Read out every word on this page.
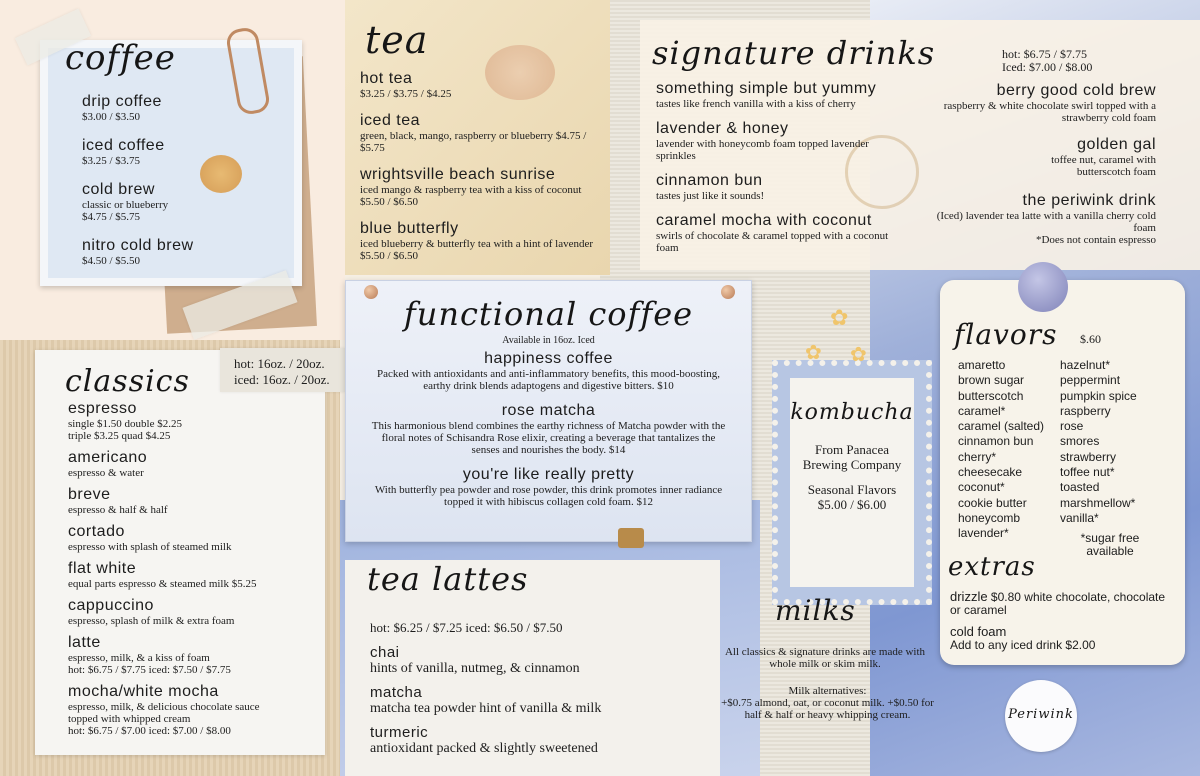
coffee
drip coffee
$3.00 / $3.50
iced coffee
$3.25 / $3.75
cold brew
classic or blueberry
$4.75 / $5.75
nitro cold brew
$4.50 / $5.50
tea
hot tea
$3.25 / $3.75 / $4.25
iced tea
green, black, mango, raspberry or blueberry $4.75 / $5.75
wrightsville beach sunrise
iced mango & raspberry tea with a kiss of coconut $5.50 / $6.50
blue butterfly
iced blueberry & butterfly tea with a hint of lavender $5.50 / $6.50
signature drinks	hot: $6.75 / $7.75
Iced: $7.00 / $8.00
something simple but yummy
tastes like french vanilla with a kiss of cherry
lavender & honey
lavender with honeycomb foam topped lavender sprinkles
cinnamon bun
tastes just like it sounds!
caramel mocha with coconut
swirls of chocolate & caramel topped with a coconut foam
berry good cold brew
raspberry & white chocolate swirl topped with a strawberry cold foam
golden gal
toffee nut, caramel with butterscotch foam
the periwink drink
(Iced) lavender tea latte with a vanilla cherry cold foam
*Does not contain espresso
classics
espresso
single $1.50 double $2.25
triple $3.25 quad $4.25
americano
espresso & water
breve
espresso & half & half
cortado
espresso with splash of steamed milk
flat white
equal parts espresso & steamed milk $5.25
cappuccino
espresso, splash of milk & extra foam
latte
espresso, milk, & a kiss of foam
hot: $6.75 / $7.75 iced: $7.50 / $7.75
mocha/white mocha
espresso, milk, & delicious chocolate sauce topped with whipped cream
hot: $6.75 / $7.00 iced: $7.00 / $8.00
hot: 16oz. / 20oz.
iced: 16oz. / 20oz.
functional coffee
Available in 16oz. Iced
happiness coffee
Packed with antioxidants and anti-inflammatory benefits, this mood-boosting, earthy drink blends adaptogens and digestive bitters. $10
rose matcha
This harmonious blend combines the earthy richness of Matcha powder with the floral notes of Schisandra Rose elixir, creating a beverage that tantalizes the senses and nourishes the body. $14
you're like really pretty
With butterfly pea powder and rose powder, this drink promotes inner radiance topped it with hibiscus collagen cold foam. $12
tea lattes
hot: $6.25 / $7.25 iced: $6.50 / $7.50
chai
hints of vanilla, nutmeg, & cinnamon
matcha
matcha tea powder hint of vanilla & milk
turmeric
antioxidant packed & slightly sweetened
kombucha
From Panacea Brewing Company
Seasonal Flavors
$5.00 / $6.00
✿
✿ ✿
milks
All classics & signature drinks are made with whole milk or skim milk.
Milk alternatives:
+$0.75 almond, oat, or coconut milk. +$0.50 for half & half or heavy whipping cream.
flavors $.60
amaretto
brown sugar
butterscotch
caramel*
caramel (salted)
cinnamon bun
cherry*
cheesecake
coconut*
cookie butter
honeycomb
lavender*
hazelnut*
peppermint
pumpkin spice
raspberry
rose
smores
strawberry
toffee nut*
toasted
marshmellow*
vanilla*
*sugar free available
extras
drizzle $0.80 white chocolate, chocolate or caramel
cold foam
Add to any iced drink $2.00
Periwink
